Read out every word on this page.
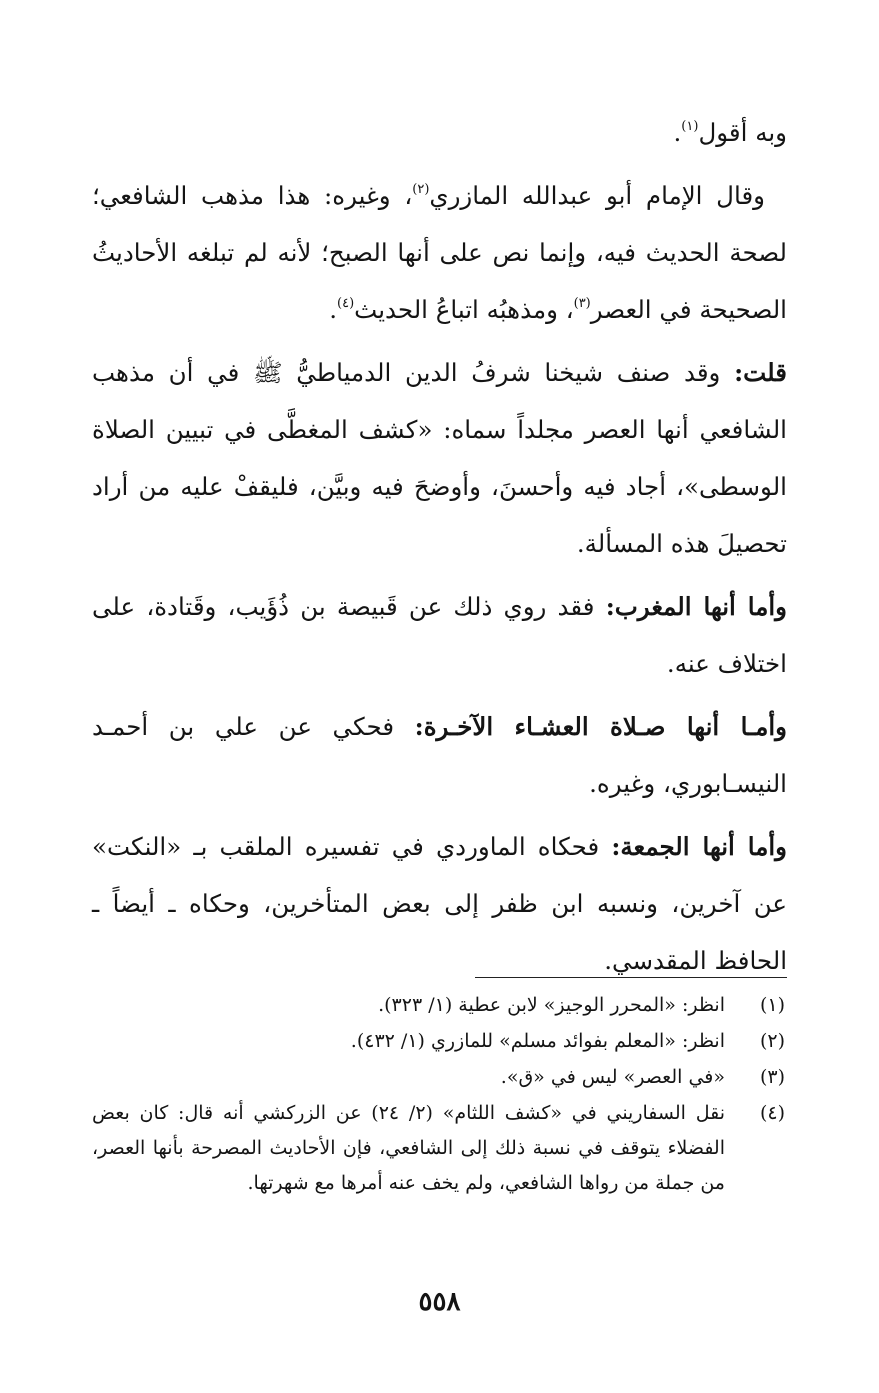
وبه أقول$^{(١)}$.

وقال الإمام أبو عبدالله المازري$^{(٢)}$، وغيره: هذا مذهب الشافعي؛ لصحة الحديث فيه، وإنما نص على أنها الصبح؛ لأنه لم تبلغه الأحاديثُ الصحيحة في العصر$^{(٣)}$، ومذهبُه اتباعُ الحديث$^{(٤)}$.

قلت: وقد صنف شيخنا شرفُ الدين الدمياطيُّ ﷺ في أن مذهب الشافعي أنها العصر مجلداً سماه: «كشف المغطَّى في تبيين الصلاة الوسطى»، أجاد فيه وأحسنَ، وأوضحَ فيه وبيَّن، فليقفْ عليه من أراد تحصيلَ هذه المسألة.

وأما أنها المغرب: فقد روي ذلك عن قَبيصة بن ذُؤَيب، وقَتادة، على اختلاف عنه.

وأمـا أنها صـلاة العشـاء الآخـرة: فحكي عن علي بن أحمـد النيسـابوري، وغيره.

وأما أنها الجمعة: فحكاه الماوردي في تفسيره الملقب بـ «النكت» عن آخرين، ونسبه ابن ظفر إلى بعض المتأخرين، وحكاه ـ أيضاً ـ الحافظ المقدسي.

(١)
انظر: «المحرر الوجيز» لابن عطية (١/ ٣٢٣).
(٢)
انظر: «المعلم بفوائد مسلم» للمازري (١/ ٤٣٢).
(٣)
«في العصر» ليس في «ق».
(٤)
نقل السفاريني في «كشف اللثام» (٢/ ٢٤) عن الزركشي أنه قال: كان بعض الفضلاء يتوقف في نسبة ذلك إلى الشافعي، فإن الأحاديث المصرحة بأنها العصر، من جملة من رواها الشافعي، ولم يخف عنه أمرها مع شهرتها.
٥٥٨
